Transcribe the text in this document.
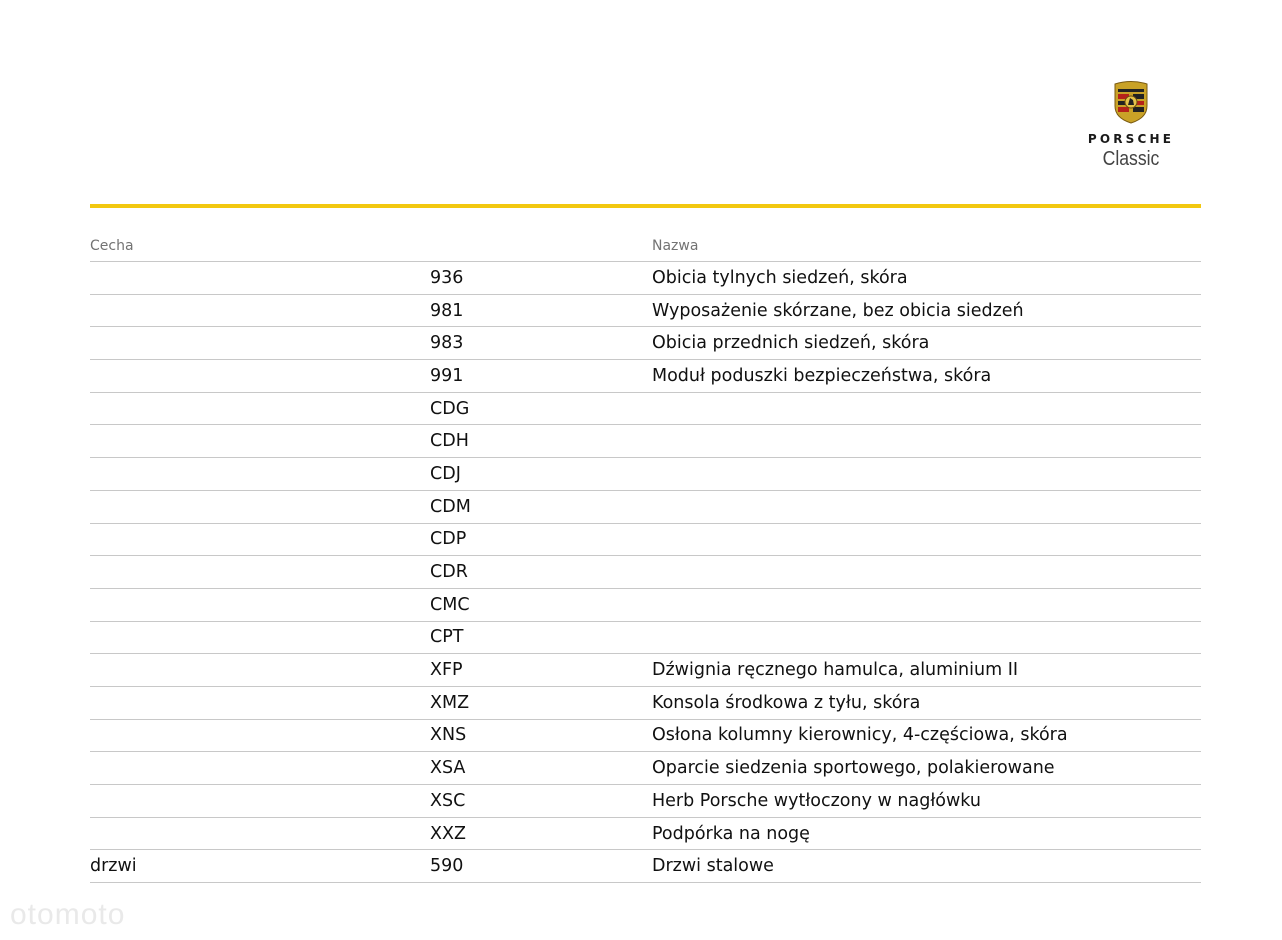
PORSCHE
Classic
Cecha		Nazwa
	936	Obicia tylnych siedzeń, skóra
	981	Wyposażenie skórzane, bez obicia siedzeń
	983	Obicia przednich siedzeń, skóra
	991	Moduł poduszki bezpieczeństwa, skóra
	CDG	
	CDH	
	CDJ	
	CDM	
	CDP	
	CDR	
	CMC	
	CPT	
	XFP	Dźwignia ręcznego hamulca, aluminium II
	XMZ	Konsola środkowa z tyłu, skóra
	XNS	Osłona kolumny kierownicy, 4-częściowa, skóra
	XSA	Oparcie siedzenia sportowego, polakierowane
	XSC	Herb Porsche wytłoczony w nagłówku
	XXZ	Podpórka na nogę
drzwi	590	Drzwi stalowe
otomoto
